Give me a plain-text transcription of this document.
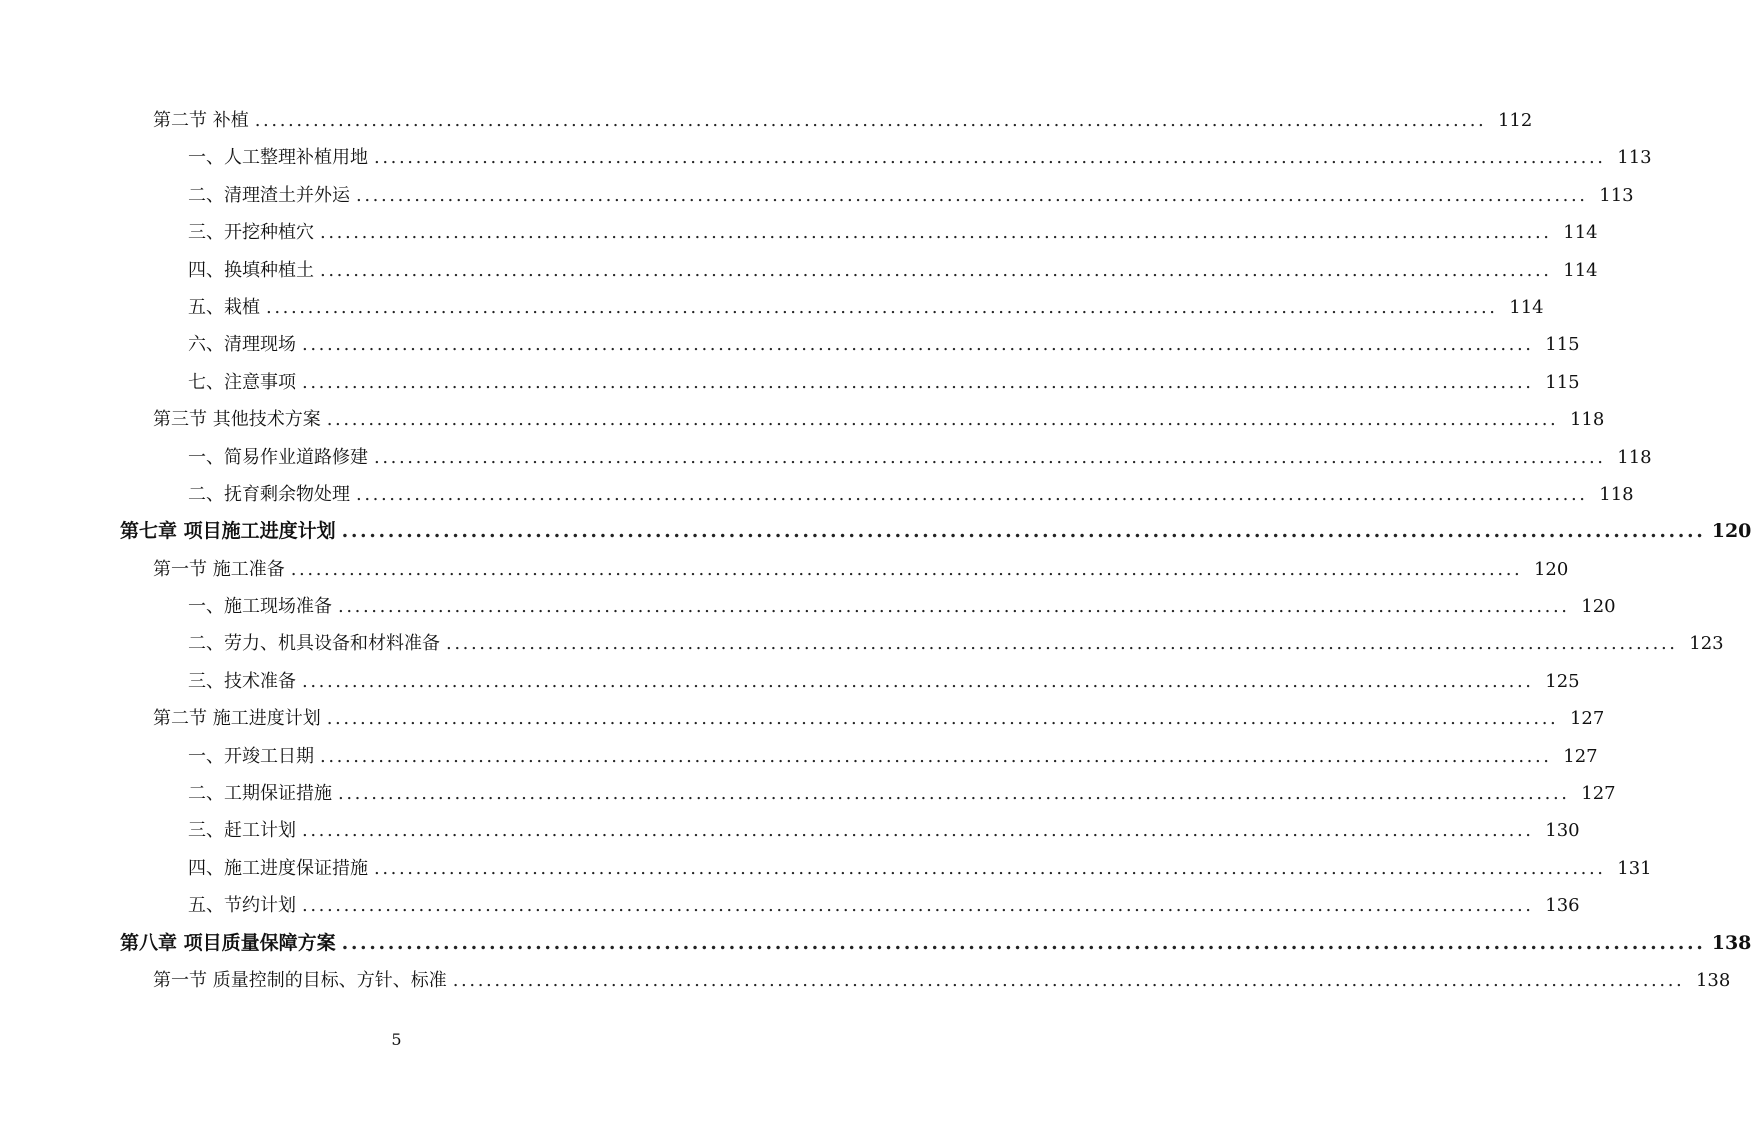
第二节 补植 .....	112
一、人工整理补植用地 .....	113
二、清理渣土并外运 .....	113
三、开挖种植穴 .....	114
四、换填种植土 .....	114
五、栽植 .....	114
六、清理现场 .....	115
七、注意事项 .....	115
第三节 其他技术方案 .....	118
一、简易作业道路修建 .....	118
二、抚育剩余物处理 .....	118
第七章 项目施工进度计划 .....	120
第一节 施工准备 .....	120
一、施工现场准备 .....	120
二、劳力、机具设备和材料准备 .....	123
三、技术准备 .....	125
第二节 施工进度计划 .....	127
一、开竣工日期 .....	127
二、工期保证措施 .....	127
三、赶工计划 .....	130
四、施工进度保证措施 .....	131
五、节约计划 .....	136
第八章 项目质量保障方案 .....	138
第一节 质量控制的目标、方针、标准 .....	138
5
